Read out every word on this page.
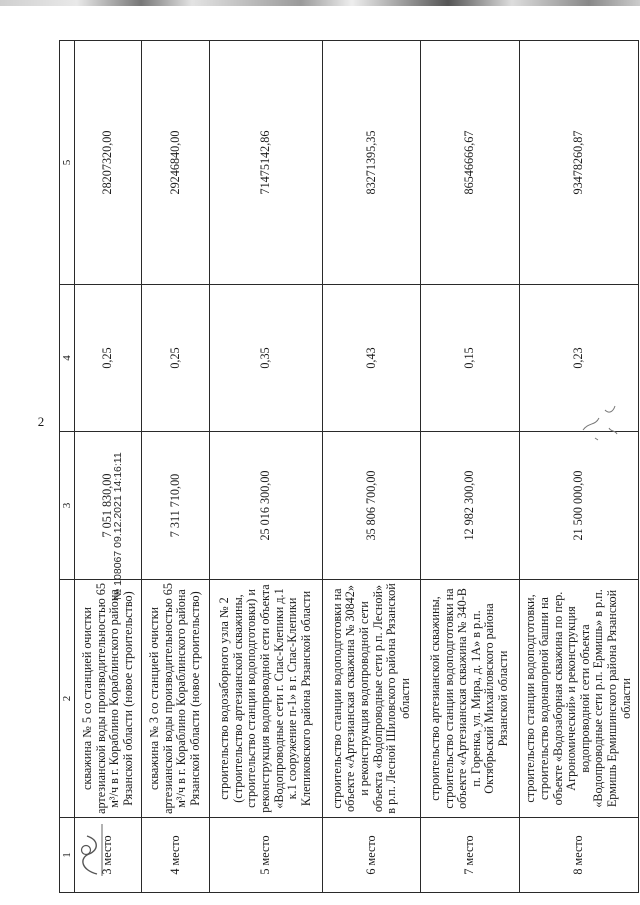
2
1	2	3	4	5
3 место	скважина № 5 со станцией очистки артезианской воды производительностью 65 м³/ч в г. Кораблино Кораблинского района Рязанской области (новое строительство)	7 051 830,00	0,25	28207320,00
4 место	скважина № 3 со станцией очистки артезианской воды производительностью 65 м³/ч в г. Кораблино Кораблинского района Рязанской области (новое строительство)	7 311 710,00	0,25	29246840,00
5 место	строительство водозаборного узла № 2 (строительство артезианской скважины, строительство станции водоподготовки) и реконструкция водопроводной сети объекта «Водопроводные сети г. Спас-Клепики д.1 к.1 сооружение п-1» в г. Спас-Клепики Клепиковского района Рязанской области	25 016 300,00	0,35	71475142,86
6 место	строительство станции водоподготовки на объекте «Артезианская скважина № 30842» и реконструкция водопроводной сети объекта «Водопроводные сети р.п. Лесной» в р.п. Лесной Шиловского района Рязанской области	35 806 700,00	0,43	83271395,35
7 место	строительство артезианской скважины, строительство станции водоподготовки на объекте «Артезианская скважина № 340-В п. Горенка, ул. Мира, д. 1А» в р.п. Октябрьский Михайловского района Рязанской области	12 982 300,00	0,15	86546666,67
8 место	строительство станции водоподготовки, строительство водонапорной башни на объекте «Водозаборная скважина по пер. Агрономический» и реконструкция водопроводной сети объекта «Водопроводные сети р.п. Ермишь» в р.п. Ермишь Ермишинского района Рязанской области	21 500 000,00	0,23	93478260,87
№ 108067 09.12.2021 14:16:11
